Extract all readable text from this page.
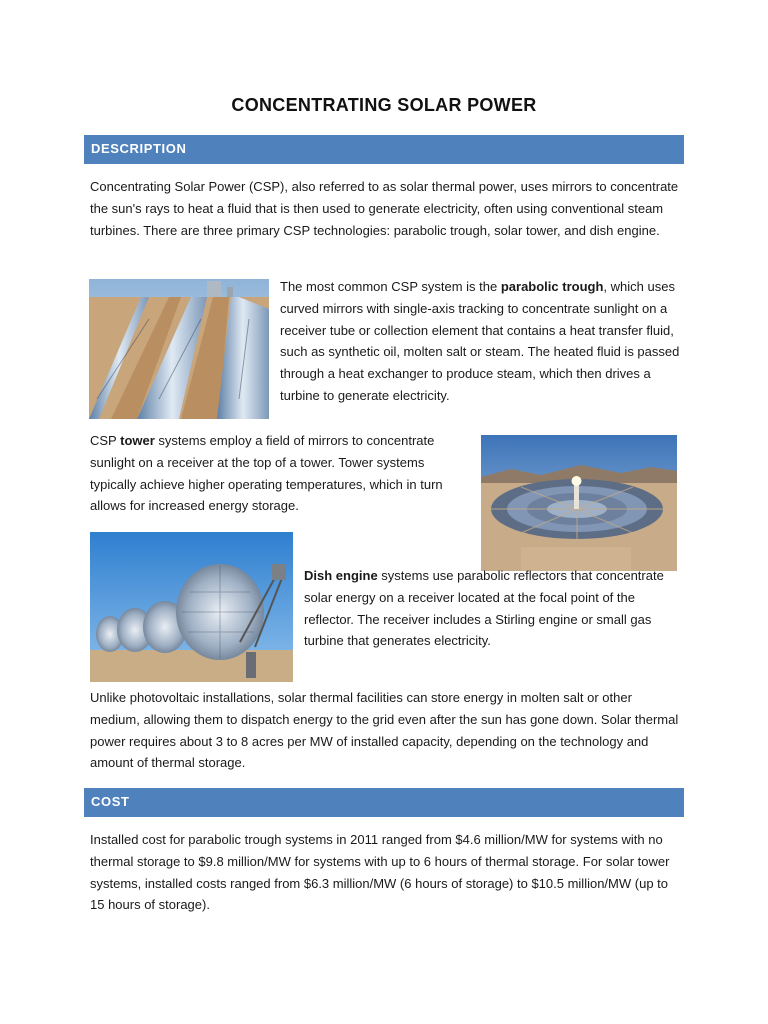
CONCENTRATING SOLAR POWER
DESCRIPTION

Concentrating Solar Power (CSP), also referred to as solar thermal power, uses mirrors to concentrate the sun's rays to heat a fluid that is then used to generate electricity, often using conventional steam turbines. There are three primary CSP technologies: parabolic trough, solar tower, and dish engine.

The most common CSP system is the parabolic trough, which uses curved mirrors with single-axis tracking to concentrate sunlight on a receiver tube or collection element that contains a heat transfer fluid, such as synthetic oil, molten salt or steam. The heated fluid is passed through a heat exchanger to produce steam, which then drives a turbine to generate electricity.

CSP tower systems employ a field of mirrors to concentrate sunlight on a receiver at the top of a tower. Tower systems typically achieve higher operating temperatures, which in turn allows for increased energy storage.

Dish engine systems use parabolic reflectors that concentrate solar energy on a receiver located at the focal point of the reflector. The receiver includes a Stirling engine or small gas turbine that generates electricity.

Unlike photovoltaic installations, solar thermal facilities can store energy in molten salt or other medium, allowing them to dispatch energy to the grid even after the sun has gone down. Solar thermal power requires about 3 to 8 acres per MW of installed capacity, depending on the technology and amount of thermal storage.

COST

Installed cost for parabolic trough systems in 2011 ranged from $4.6 million/MW for systems with no thermal storage to $9.8 million/MW for systems with up to 6 hours of thermal storage. For solar tower systems, installed costs ranged from $6.3 million/MW (6 hours of storage) to $10.5 million/MW (up to 15 hours of storage).
